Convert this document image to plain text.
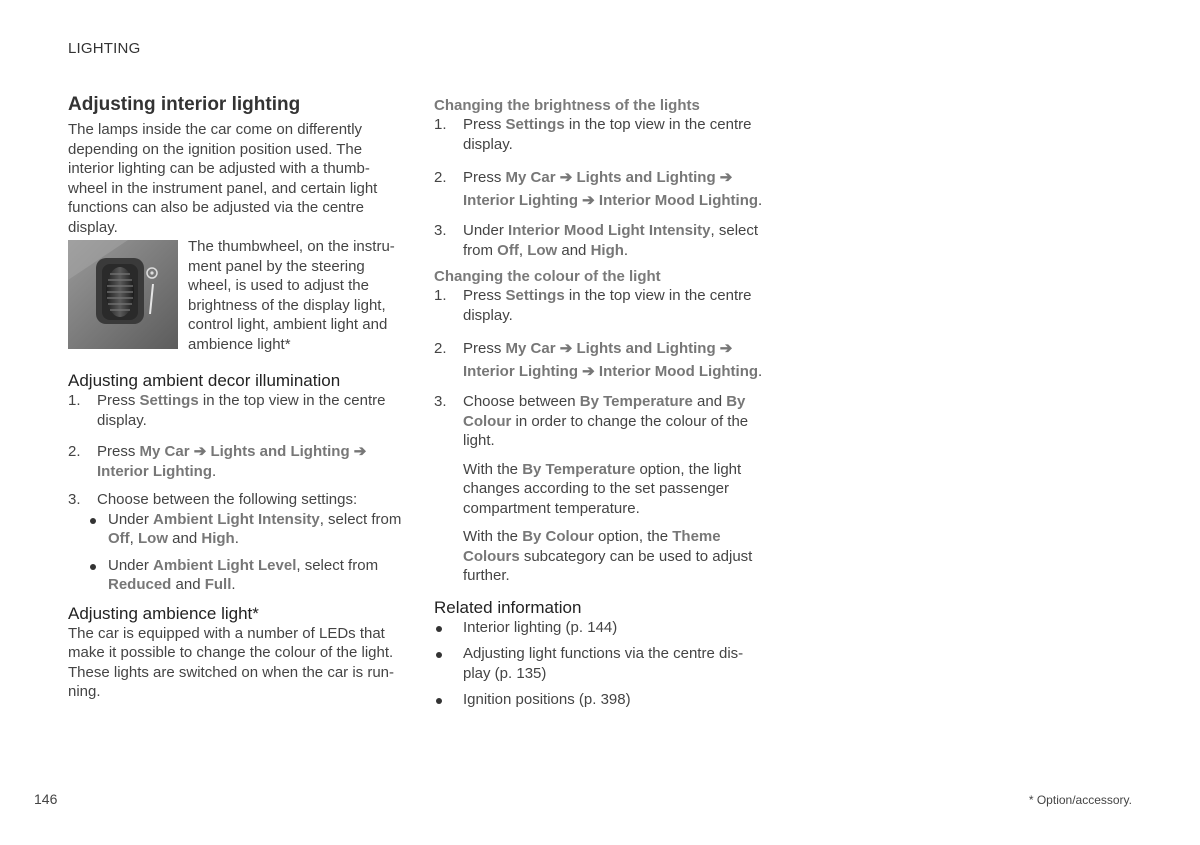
LIGHTING
Adjusting interior lighting

The lamps inside the car come on differently depending on the ignition position used. The interior lighting can be adjusted with a thumb-wheel in the instrument panel, and certain light functions can also be adjusted via the centre display.

The thumbwheel, on the instru-ment panel by the steering wheel, is used to adjust the brightness of the display light, control light, ambient light and ambience light*
Adjusting ambient decor illumination
1. Press Settings in the top view in the centre display.
2. Press My Car ➔ Lights and Lighting ➔ Interior Lighting.
3. Choose between the following settings:
Under Ambient Light Intensity, select from Off, Low and High.
Under Ambient Light Level, select from Reduced and Full.
Adjusting ambience light*

The car is equipped with a number of LEDs that make it possible to change the colour of the light. These lights are switched on when the car is run-ning.

Changing the brightness of the lights
1. Press Settings in the top view in the centre display.
2. Press My Car ➔ Lights and Lighting ➔ Interior Lighting ➔ Interior Mood Lighting.
3. Under Interior Mood Light Intensity, select from Off, Low and High.
Changing the colour of the light
1. Press Settings in the top view in the centre display.
2. Press My Car ➔ Lights and Lighting ➔ Interior Lighting ➔ Interior Mood Lighting.
3. Choose between By Temperature and By Colour in order to change the colour of the light.

With the By Temperature option, the light changes according to the set passenger compartment temperature.

With the By Colour option, the Theme Colours subcategory can be used to adjust further.

Related information
Interior lighting (p. 144)
Adjusting light functions via the centre dis-play (p. 135)
Ignition positions (p. 398)
146	* Option/accessory.
